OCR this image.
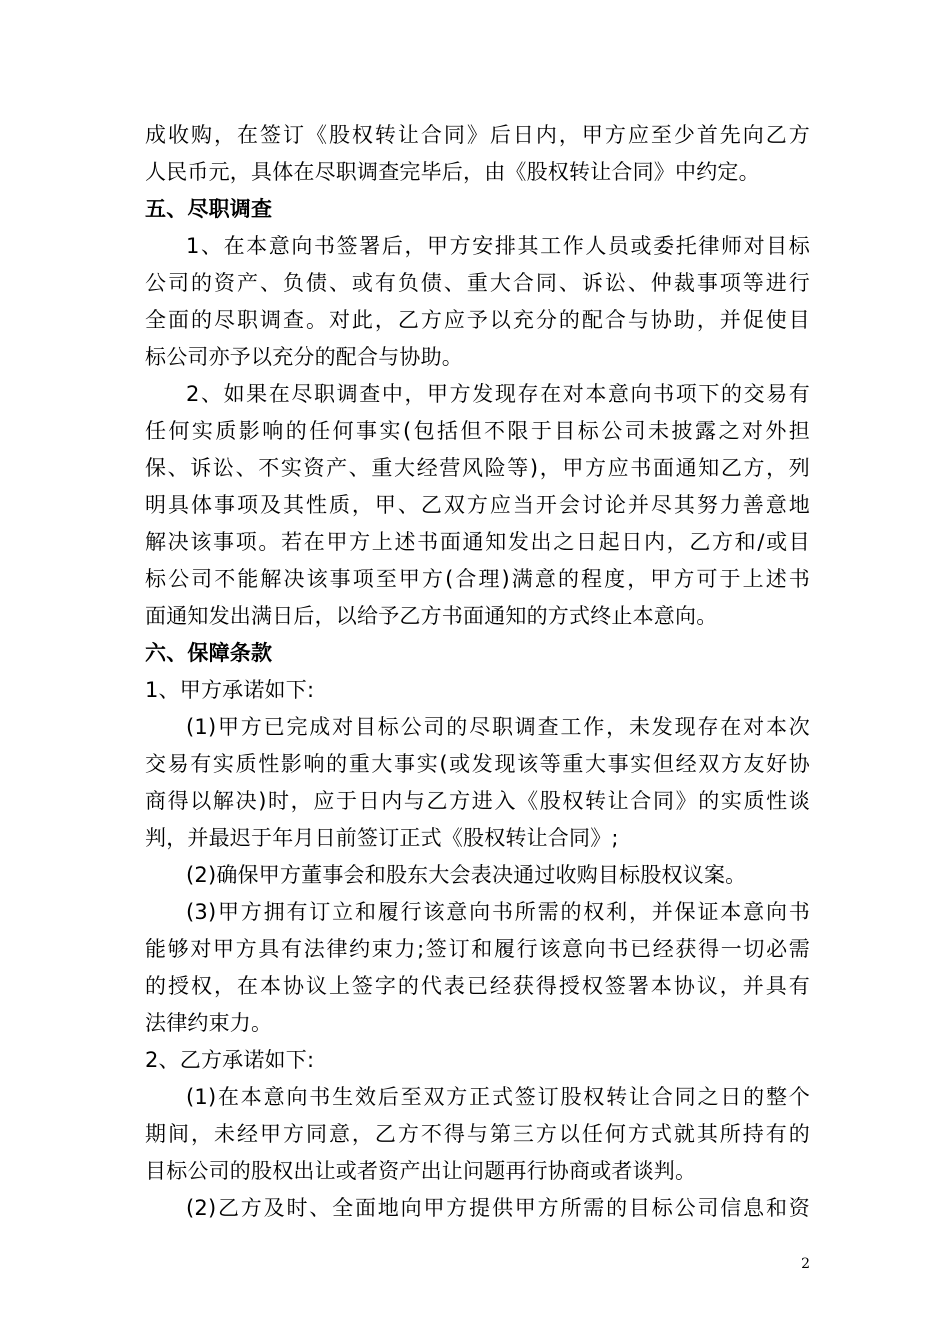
成收购，在签订《股权转让合同》后日内，甲方应至少首先向乙方
人民币元，具体在尽职调查完毕后，由《股权转让合同》中约定。
五、尽职调查
1、在本意向书签署后，甲方安排其工作人员或委托律师对目标
公司的资产、负债、或有负债、重大合同、诉讼、仲裁事项等进行
全面的尽职调查。对此，乙方应予以充分的配合与协助，并促使目
标公司亦予以充分的配合与协助。
2、如果在尽职调查中，甲方发现存在对本意向书项下的交易有
任何实质影响的任何事实(包括但不限于目标公司未披露之对外担
保、诉讼、不实资产、重大经营风险等)，甲方应书面通知乙方，列
明具体事项及其性质，甲、乙双方应当开会讨论并尽其努力善意地
解决该事项。若在甲方上述书面通知发出之日起日内，乙方和/或目
标公司不能解决该事项至甲方(合理)满意的程度，甲方可于上述书
面通知发出满日后，以给予乙方书面通知的方式终止本意向。
六、保障条款
1、甲方承诺如下:
(1)甲方已完成对目标公司的尽职调查工作，未发现存在对本次
交易有实质性影响的重大事实(或发现该等重大事实但经双方友好协
商得以解决)时，应于日内与乙方进入《股权转让合同》的实质性谈
判，并最迟于年月日前签订正式《股权转让合同》;
(2)确保甲方董事会和股东大会表决通过收购目标股权议案。
(3)甲方拥有订立和履行该意向书所需的权利，并保证本意向书
能够对甲方具有法律约束力;签订和履行该意向书已经获得一切必需
的授权，在本协议上签字的代表已经获得授权签署本协议，并具有
法律约束力。
2、乙方承诺如下:
(1)在本意向书生效后至双方正式签订股权转让合同之日的整个
期间，未经甲方同意，乙方不得与第三方以任何方式就其所持有的
目标公司的股权出让或者资产出让问题再行协商或者谈判。
(2)乙方及时、全面地向甲方提供甲方所需的目标公司信息和资
2
